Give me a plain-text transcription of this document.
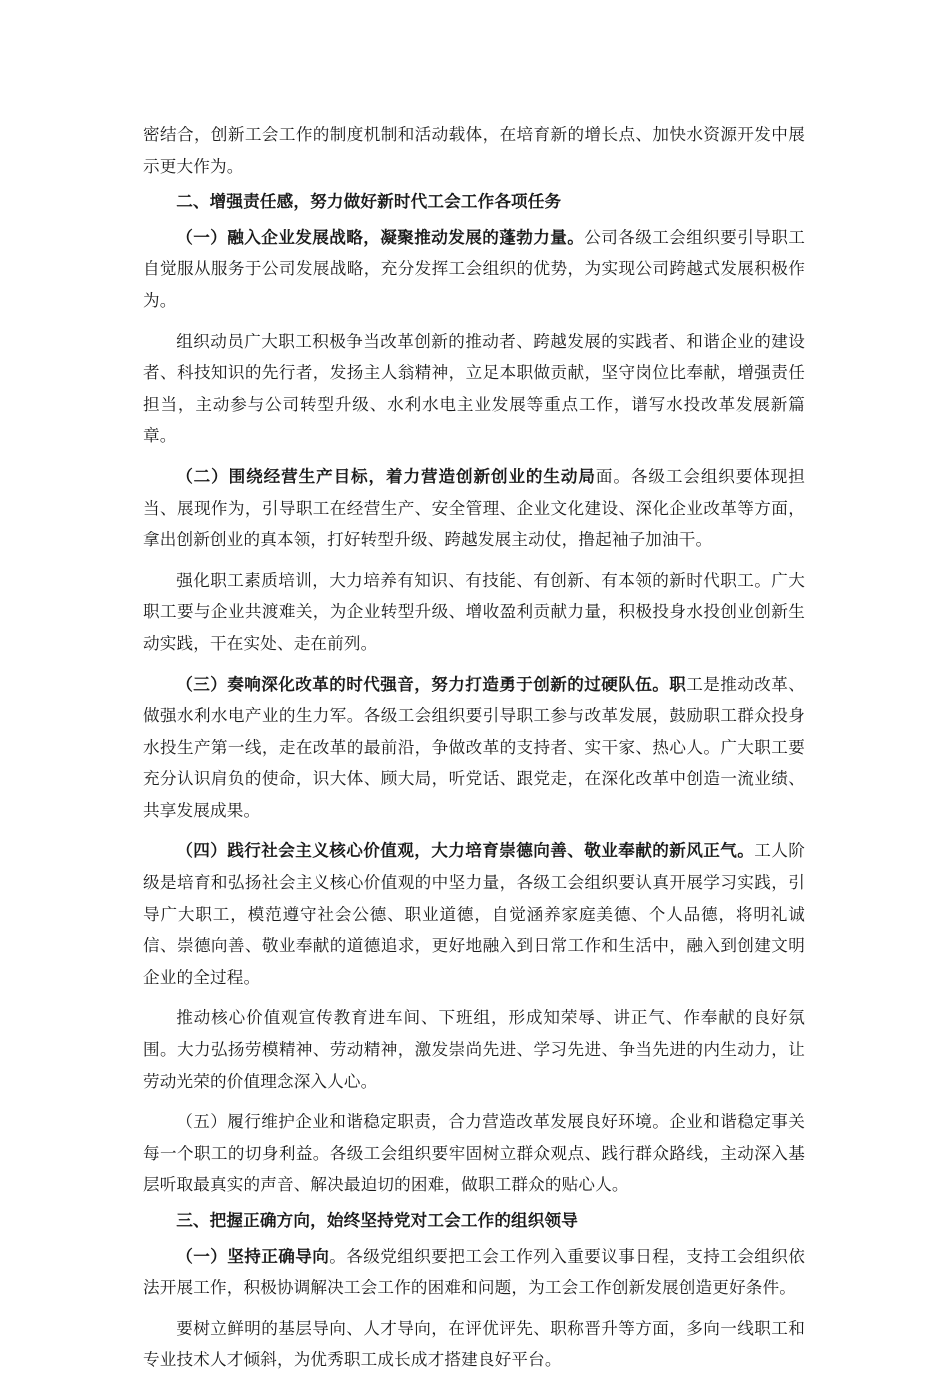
密结合，创新工会工作的制度机制和活动载体，在培育新的增长点、加快水资源开发中展示更大作为。

二、增强责任感，努力做好新时代工会工作各项任务

（一）融入企业发展战略，凝聚推动发展的蓬勃力量。公司各级工会组织要引导职工自觉服从服务于公司发展战略，充分发挥工会组织的优势，为实现公司跨越式发展积极作为。

组织动员广大职工积极争当改革创新的推动者、跨越发展的实践者、和谐企业的建设者、科技知识的先行者，发扬主人翁精神，立足本职做贡献，坚守岗位比奉献，增强责任担当，主动参与公司转型升级、水利水电主业发展等重点工作，谱写水投改革发展新篇章。

（二）围绕经营生产目标，着力营造创新创业的生动局面。各级工会组织要体现担当、展现作为，引导职工在经营生产、安全管理、企业文化建设、深化企业改革等方面，拿出创新创业的真本领，打好转型升级、跨越发展主动仗，撸起袖子加油干。

强化职工素质培训，大力培养有知识、有技能、有创新、有本领的新时代职工。广大职工要与企业共渡难关，为企业转型升级、增收盈利贡献力量，积极投身水投创业创新生动实践，干在实处、走在前列。

（三）奏响深化改革的时代强音，努力打造勇于创新的过硬队伍。职工是推动改革、做强水利水电产业的生力军。各级工会组织要引导职工参与改革发展，鼓励职工群众投身水投生产第一线，走在改革的最前沿，争做改革的支持者、实干家、热心人。广大职工要充分认识肩负的使命，识大体、顾大局，听党话、跟党走，在深化改革中创造一流业绩、共享发展成果。

（四）践行社会主义核心价值观，大力培育崇德向善、敬业奉献的新风正气。工人阶级是培育和弘扬社会主义核心价值观的中坚力量，各级工会组织要认真开展学习实践，引导广大职工，模范遵守社会公德、职业道德，自觉涵养家庭美德、个人品德，将明礼诚信、崇德向善、敬业奉献的道德追求，更好地融入到日常工作和生活中，融入到创建文明企业的全过程。

推动核心价值观宣传教育进车间、下班组，形成知荣辱、讲正气、作奉献的良好氛围。大力弘扬劳模精神、劳动精神，激发崇尚先进、学习先进、争当先进的内生动力，让劳动光荣的价值理念深入人心。

（五）履行维护企业和谐稳定职责，合力营造改革发展良好环境。企业和谐稳定事关每一个职工的切身利益。各级工会组织要牢固树立群众观点、践行群众路线，主动深入基层听取最真实的声音、解决最迫切的困难，做职工群众的贴心人。

三、把握正确方向，始终坚持党对工会工作的组织领导

（一）坚持正确导向。各级党组织要把工会工作列入重要议事日程，支持工会组织依法开展工作，积极协调解决工会工作的困难和问题，为工会工作创新发展创造更好条件。

要树立鲜明的基层导向、人才导向，在评优评先、职称晋升等方面，多向一线职工和专业技术人才倾斜，为优秀职工成长成才搭建良好平台。
